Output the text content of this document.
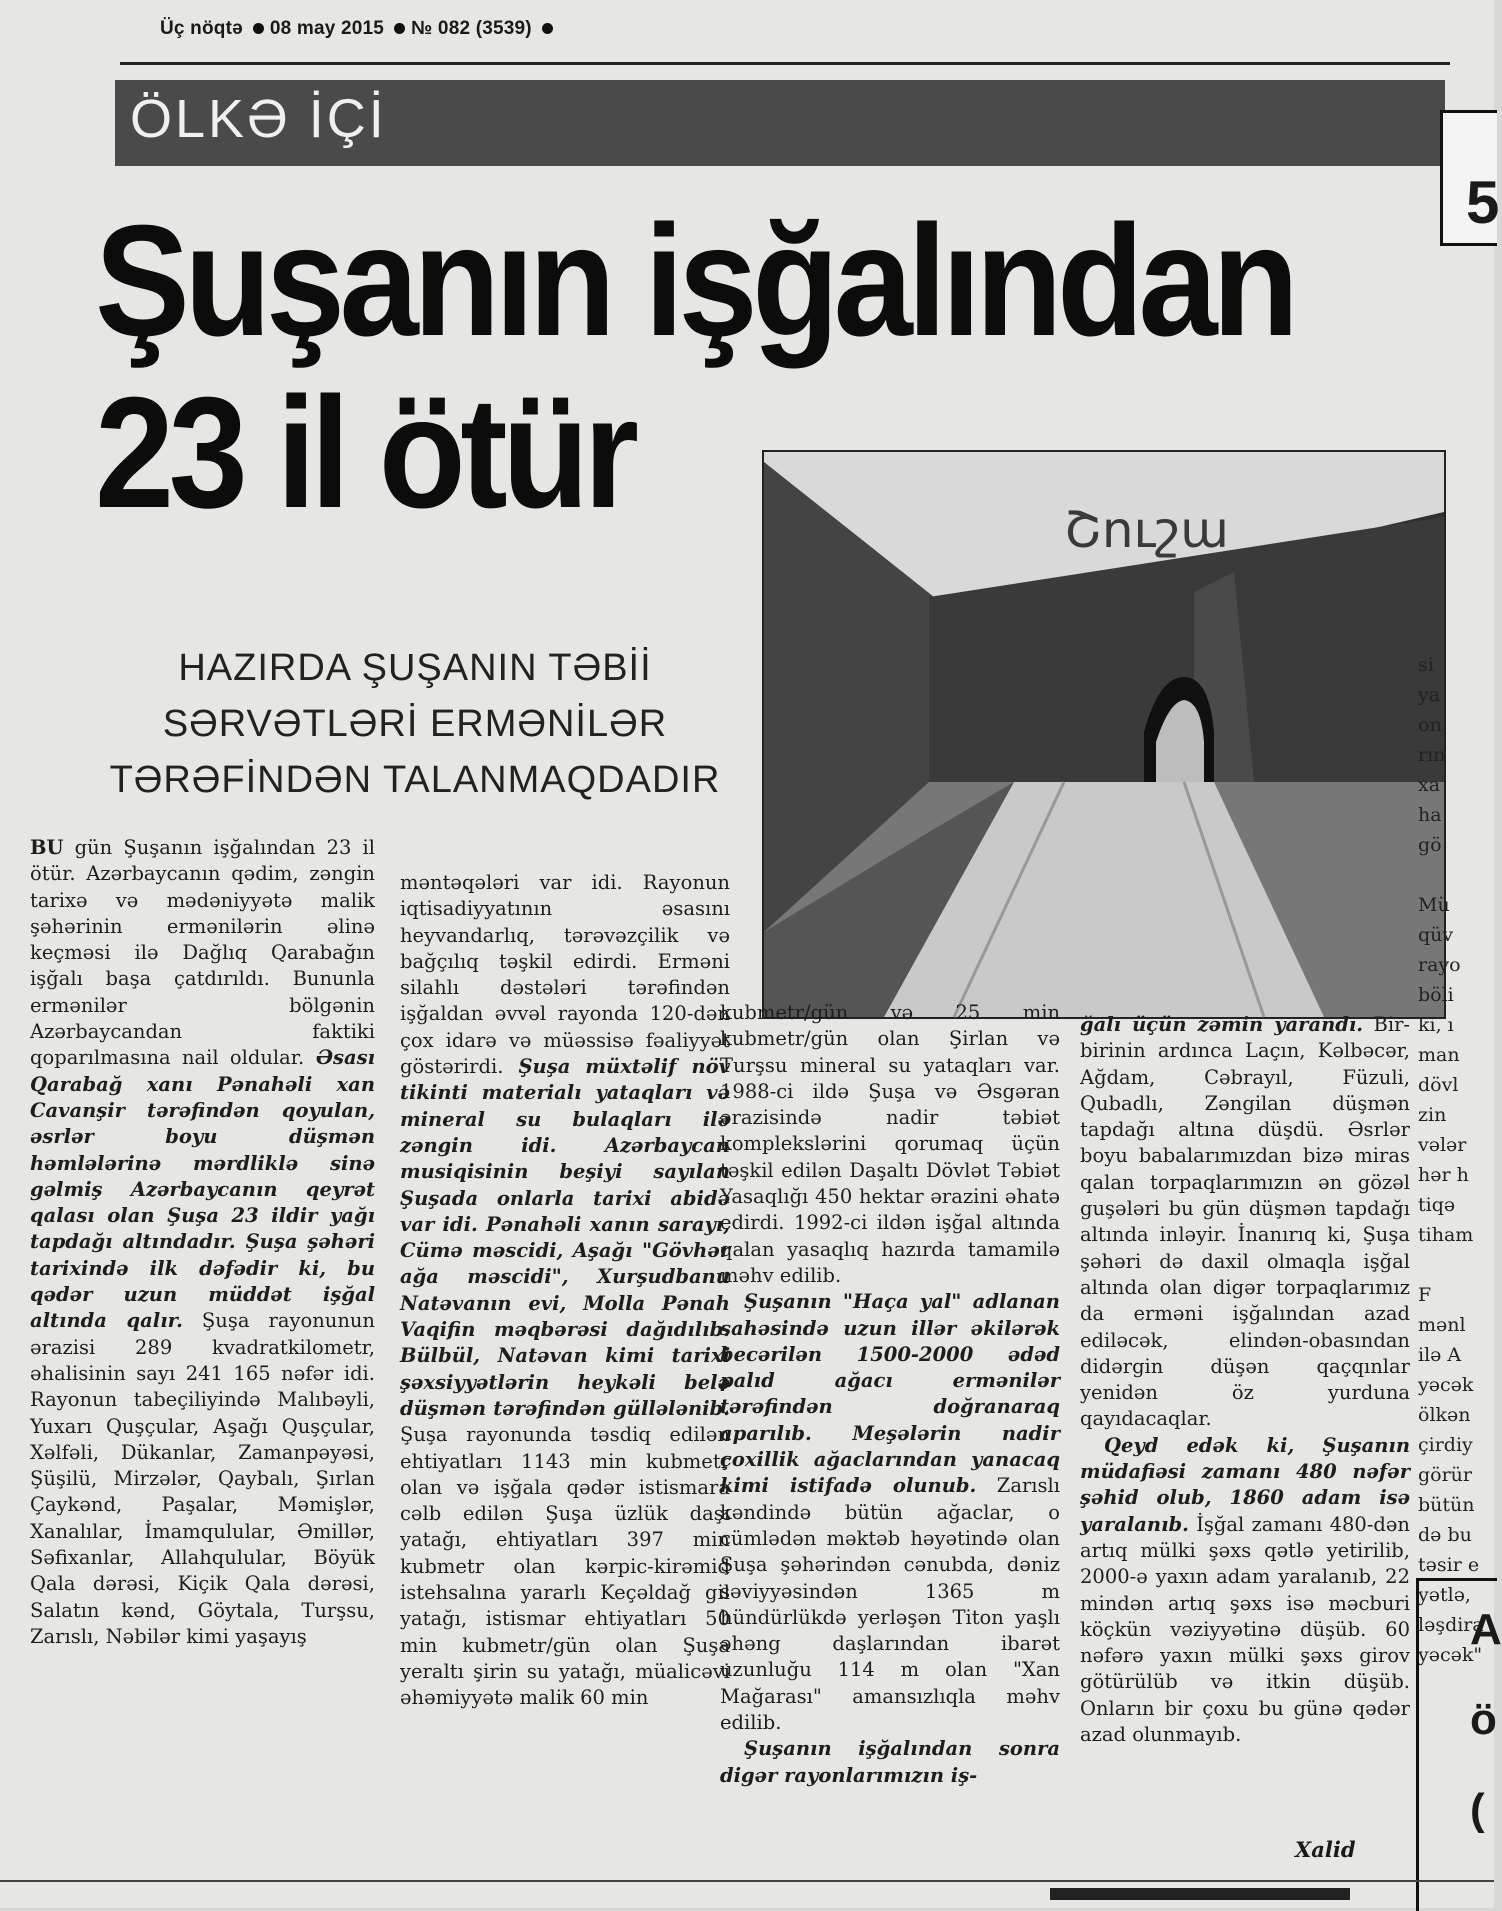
Üç nöqtə 08 may 2015 № 082 (3539)
ÖLKƏ İÇİ
5
Şuşanın işğalından
23 il ötür
HAZIRDA ŞUŞANIN TƏBİİ
SƏRVƏTLƏRİ ERMƏNİLƏR
TƏRƏFİNDƏN TALANMAQDADIR
Շուշա

BU gün Şuşanın işğalından 23 il ötür. Azərbaycanın qədim, zəngin tarixə və mədəniyyətə malik şəhərinin ermənilərin əlinə keçməsi ilə Dağlıq Qarabağın işğalı başa çatdırıldı. Bununla ermənilər bölgənin Azərbaycandan faktiki qoparılmasına nail oldular. Əsası Qarabağ xanı Pənahəli xan Cavanşir tərəfindən qoyulan, əsrlər boyu düşmən həmlələrinə mərdliklə sinə gəlmiş Azərbaycanın qeyrət qalası olan Şuşa 23 ildir yağı tapdağı altındadır. Şuşa şəhəri tarixində ilk dəfədir ki, bu qədər uzun müddət işğal altında qalır. Şuşa rayonunun ərazisi 289 kvadratkilometr, əhalisinin sayı 241 165 nəfər idi. Rayonun tabeçiliyində Malıbəyli, Yuxarı Quşçular, Aşağı Quşçular, Xəlfəli, Dükanlar, Zamanpəyəsi, Şüşilü, Mirzələr, Qaybalı, Şırlan Çaykənd, Paşalar, Məmişlər, Xanalılar, İmamqulular, Əmillər, Səfixanlar, Allahqulular, Böyük Qala dərəsi, Kiçik Qala dərəsi, Salatın kənd, Göytala, Turşsu, Zarıslı, Nəbilər kimi yaşayış

məntəqələri var idi. Rayonun iqtisadiyyatının əsasını heyvandarlıq, tərəvəzçilik və bağçılıq təşkil edirdi. Erməni silahlı dəstələri tərəfindən işğaldan əvvəl rayonda 120-dən çox idarə və müəssisə fəaliyyət göstərirdi. Şuşa müxtəlif növ tikinti materialı yataqları və mineral su bulaqları ilə zəngin idi. Azərbaycan musiqisinin beşiyi sayılan Şuşada onlarla tarixi abidə var idi. Pənahəli xanın sarayı, Cümə məscidi, Aşağı "Gövhər ağa məscidi", Xurşudbanu Natəvanın evi, Molla Pənah Vaqifin məqbərəsi dağıdılıb. Bülbül, Natəvan kimi tarixi şəxsiyyətlərin heykəli belə düşmən tərəfindən güllələnib. Şuşa rayonunda təsdiq edilən ehtiyatları 1143 min kubmetr olan və işğala qədər istismara cəlb edilən Şuşa üzlük daşı yatağı, ehtiyatları 397 min kubmetr olan kərpic-kirəmid istehsalına yararlı Keçəldağ gil yatağı, istismar ehtiyatları 50 min kubmetr/gün olan Şuşa yeraltı şirin su yatağı, müalicəvi əhəmiyyətə malik 60 min

kubmetr/gün və 25 min kubmetr/gün olan Şirlan və Turşsu mineral su yataqları var. 1988-ci ildə Şuşa və Əsgəran ərazisində nadir təbiət komplekslərini qorumaq üçün təşkil edilən Daşaltı Dövlət Təbiət Yasaqlığı 450 hektar ərazini əhatə edirdi. 1992-ci ildən işğal altında qalan yasaqlıq hazırda tamamilə məhv edilib.

Şuşanın "Haça yal" adlanan sahəsində uzun illər əkilərək becərilən 1500-2000 ədəd palıd ağacı ermənilər tərəfindən doğranaraq aparılıb. Meşələrin nadir çoxillik ağaclarından yanacaq kimi istifadə olunub. Zarıslı kəndində bütün ağaclar, o cümlədən məktəb həyətində olan Şuşa şəhərindən cənubda, dəniz səviyyəsindən 1365 m hündürlükdə yerləşən Titon yaşlı əhəng daşlarından ibarət uzunluğu 114 m olan "Xan Mağarası" amansızlıqla məhv edilib.

Şuşanın işğalından sonra digər rayonlarımızın iş-

ğalı üçün zəmin yarandı. Bir-birinin ardınca Laçın, Kəlbəcər, Ağdam, Cəbrayıl, Füzuli, Qubadlı, Zəngilan düşmən tapdağı altına düşdü. Əsrlər boyu babalarımızdan bizə miras qalan torpaqlarımızın ən gözəl guşələri bu gün düşmən tapdağı altında inləyir. İnanırıq ki, Şuşa şəhəri də daxil olmaqla işğal altında olan digər torpaqlarımız da erməni işğalından azad ediləcək, elindən-obasından didərgin düşən qaçqınlar yenidən öz yurduna qayıdacaqlar.

Qeyd edək ki, Şuşanın müdafiəsi zamanı 480 nəfər şəhid olub, 1860 adam isə yaralanıb. İşğal zamanı 480-dən artıq mülki şəxs qətlə yetirilib, 2000-ə yaxın adam yaralanıb, 22 mindən artıq şəxs isə məcburi köçkün vəziyyətinə düşüb. 60 nəfərə yaxın mülki şəxs girov götürülüb və itkin düşüb. Onların bir çoxu bu günə qədər azad olunmayıb.

Xalid
si
ya
on
rın
xa
ha
gö
Mü
qüv
rayo
böli
ki, ı
man
dövl
zin
vələr
hər h
tiqə
tiham
F
mənl
ilə A
yəcək
ölkən
çirdiy
görür
bütün
də bu
təsir e
yətlə,
ləşdira
yəcək"
A
ö
(
